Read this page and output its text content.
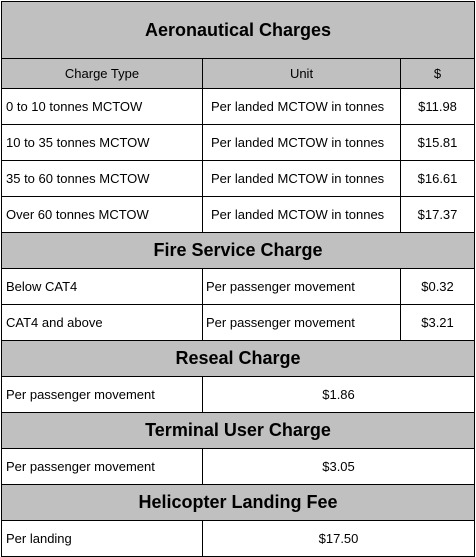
Aeronautical Charges		
Charge Type	Unit	$
0 to 10 tonnes MCTOW	Per landed MCTOW in tonnes	$11.98
10 to 35 tonnes MCTOW	Per landed MCTOW in tonnes	$15.81
35 to 60 tonnes MCTOW	Per landed MCTOW in tonnes	$16.61
Over 60 tonnes MCTOW	Per landed MCTOW in tonnes	$17.37
Fire Service Charge		
Below CAT4	Per passenger movement	$0.32
CAT4 and above	Per passenger movement	$3.21
Reseal Charge		
Per passenger movement	$1.86	
Terminal User Charge		
Per passenger movement	$3.05	
Helicopter Landing Fee		
Per landing	$17.50	
